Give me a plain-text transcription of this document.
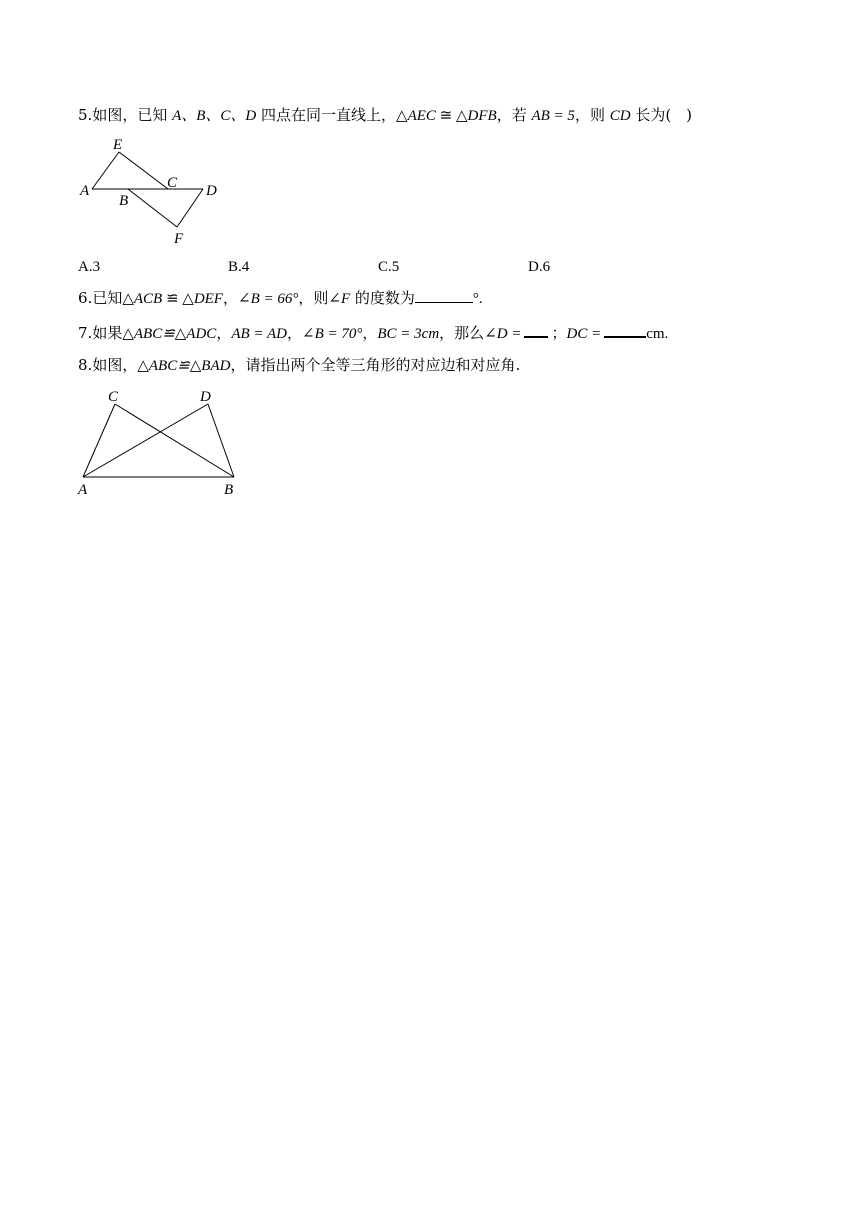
5.如图，已知 A、B、C、D 四点在同一直线上，△AEC ≅ △DFB，若 AB = 5，则 CD 长为(　)
E
A	C D
B
F
A.3	B.4	C.5	D.6
6.已知△ACB ≌ △DEF，∠B = 66°，则∠F 的度数为	°.
7.如果△ABC≌△ADC，AB = AD，∠B = 70°，BC = 3cm，那么∠D = ；DC =	cm.
8.如图，△ABC≌△BAD，请指出两个全等三角形的对应边和对应角.
C	D
A	B
